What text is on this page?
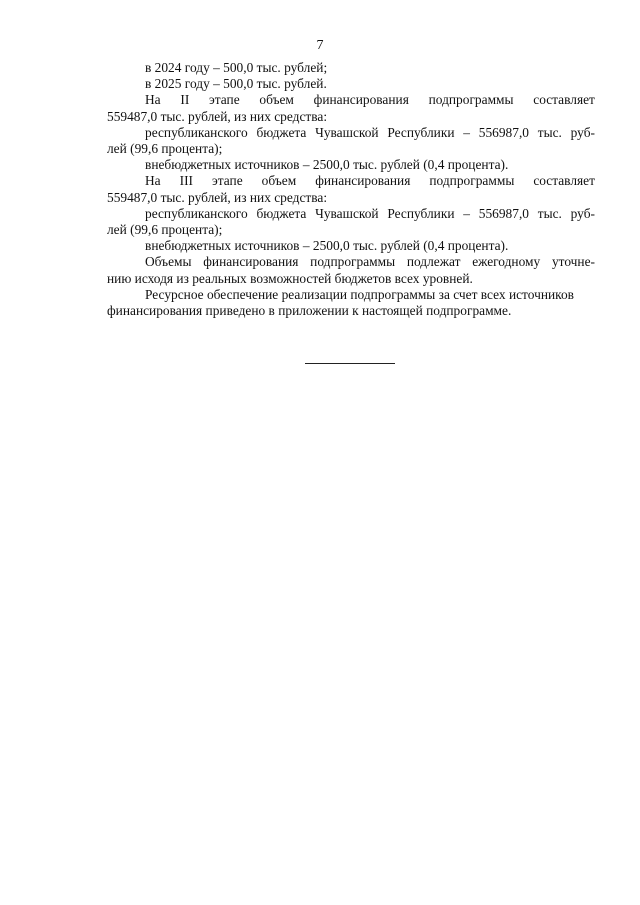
7
в 2024 году – 500,0 тыс. рублей;
в 2025 году – 500,0 тыс. рублей.
На II этапе объем финансирования подпрограммы составляет
559487,0 тыс. рублей, из них средства:
республиканского бюджета Чувашской Республики – 556987,0 тыс. руб-
лей (99,6 процента);
внебюджетных источников – 2500,0 тыс. рублей (0,4 процента).
На III этапе объем финансирования подпрограммы составляет
559487,0 тыс. рублей, из них средства:
республиканского бюджета Чувашской Республики – 556987,0 тыс. руб-
лей (99,6 процента);
внебюджетных источников – 2500,0 тыс. рублей (0,4 процента).
Объемы финансирования подпрограммы подлежат ежегодному уточне-
нию исходя из реальных возможностей бюджетов всех уровней.
Ресурсное обеспечение реализации подпрограммы за счет всех источников
финансирования приведено в приложении к настоящей подпрограмме.
